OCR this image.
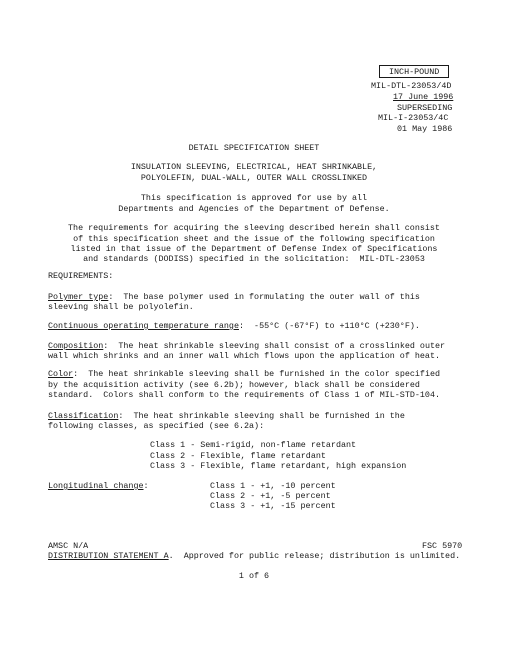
INCH-POUND
MIL-DTL-23053/4D
17 June 1996
SUPERSEDING
MIL-I-23053/4C
01 May 1986
DETAIL SPECIFICATION SHEET
INSULATION SLEEVING, ELECTRICAL, HEAT SHRINKABLE,
POLYOLEFIN, DUAL-WALL, OUTER WALL CROSSLINKED
This specification is approved for use by all
Departments and Agencies of the Department of Defense.
The requirements for acquiring the sleeving described herein shall consist
of this specification sheet and the issue of the following specification
listed in that issue of the Department of Defense Index of Specifications
and standards (DODISS) specified in the solicitation:  MIL-DTL-23053
REQUIREMENTS:
Polymer type:  The base polymer used in formulating the outer wall of this
sleeving shall be polyolefin.
Continuous operating temperature range:  -55°C (-67°F) to +110°C (+230°F).
Composition:  The heat shrinkable sleeving shall consist of a crosslinked outer
wall which shrinks and an inner wall which flows upon the application of heat.
Color:  The heat shrinkable sleeving shall be furnished in the color specified
by the acquisition activity (see 6.2b); however, black shall be considered
standard.  Colors shall conform to the requirements of Class 1 of MIL-STD-104.
Classification:  The heat shrinkable sleeving shall be furnished in the
following classes, as specified (see 6.2a):
Class 1 - Semi-rigid, non-flame retardant
Class 2 - Flexible, flame retardant
Class 3 - Flexible, flame retardant, high expansion
Longitudinal change:	Class 1 - +1, -10 percent
Class 2 - +1, -5 percent
Class 3 - +1, -15 percent
AMSC N/A	FSC 5970
DISTRIBUTION STATEMENT A.  Approved for public release; distribution is unlimited.
1 of 6
